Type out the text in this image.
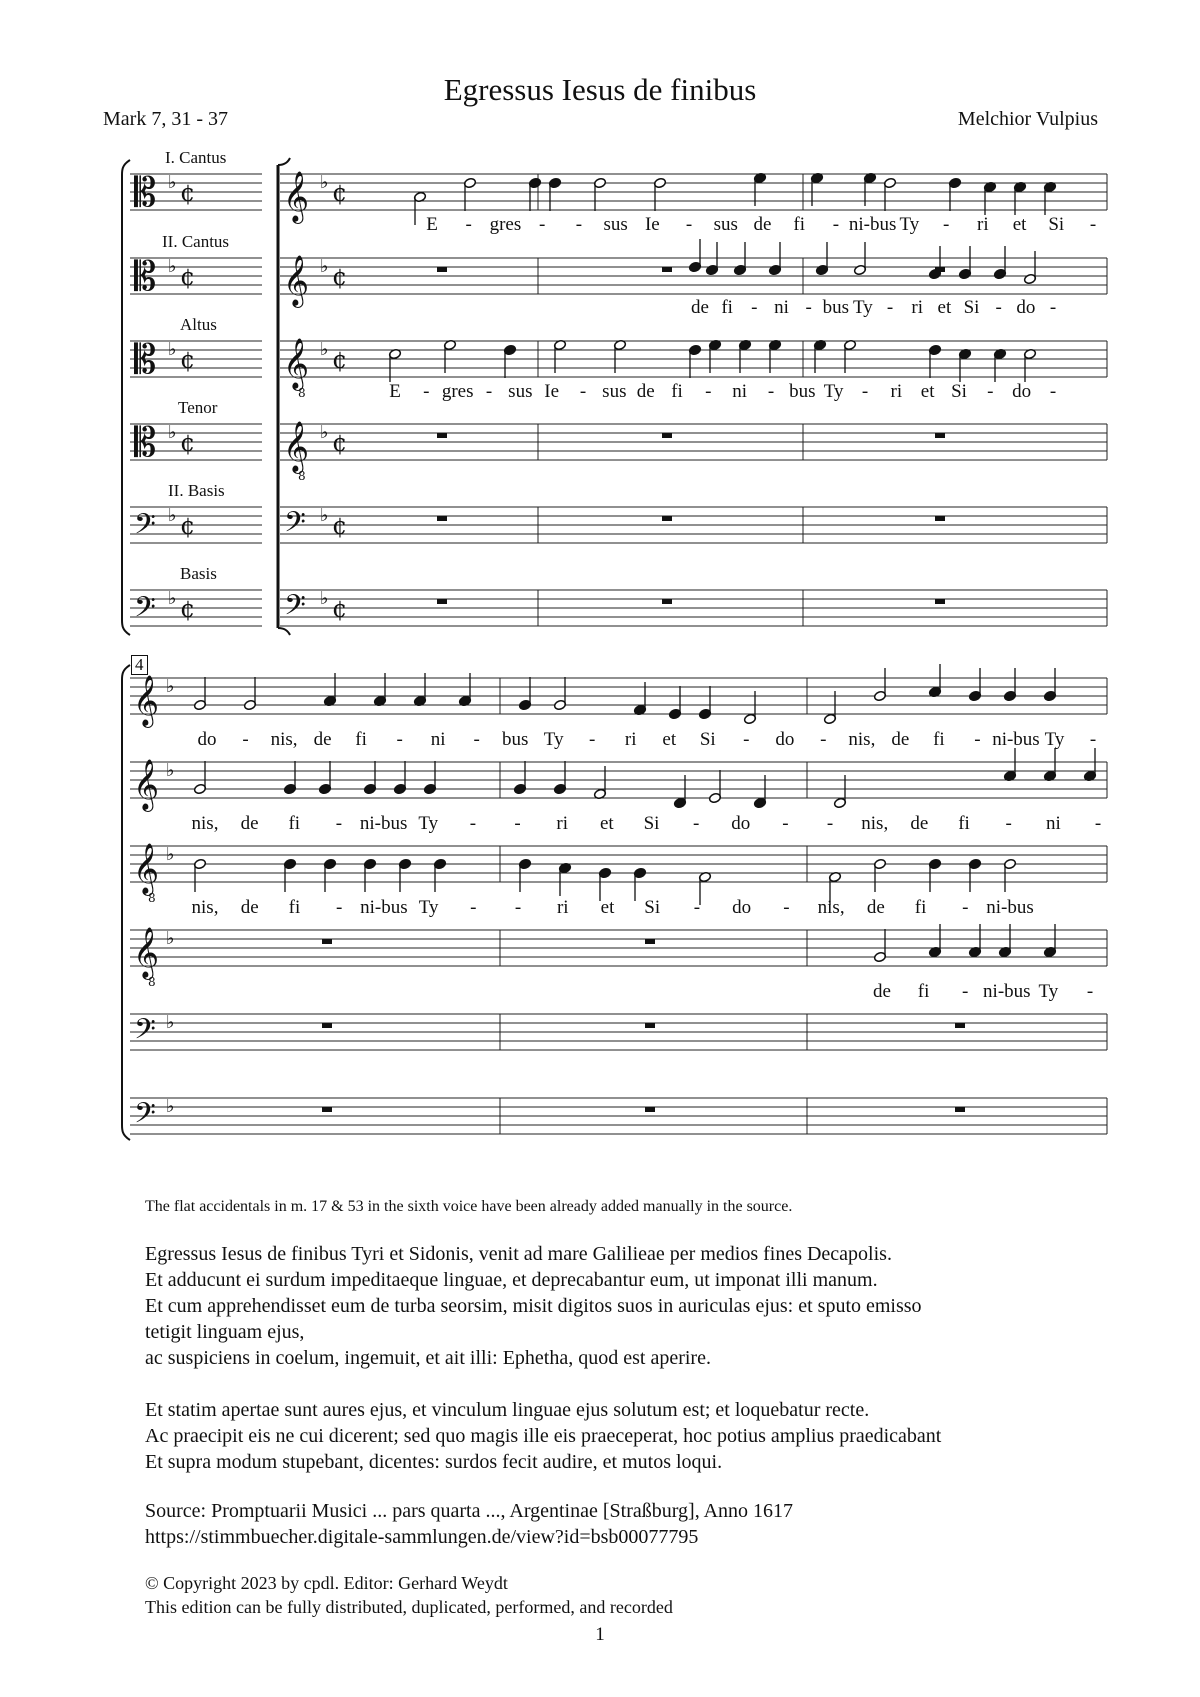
Egressus Iesus de finibus
Mark 7, 31 - 37	Melchior Vulpius
I. Cantus
II. Cantus
Altus
Tenor
II. Basis
Basis
4
𝄡 ♭ ¢ 𝄞 ♭ ¢
𝄡 ♭ ¢ 𝄞 ♭ ¢
𝄡 ♭ ¢ 𝄞
8
♭ ¢
𝄡 ♭ ¢ 𝄞
8
♭ ¢
𝄢 ♭ ¢	𝄢 ♭ ¢
𝄢 ♭ ¢	𝄢 ♭ ¢
𝄞 ♭
𝄞 ♭
𝄞
8
♭
𝄞
8
♭
𝄢 ♭
𝄢 ♭
E - gres - - sus Ie - sus de fi - ni-bus Ty - ri et Si -
de fi - ni - bus Ty - ri et Si - do -
E - gres - sus Ie - sus de fi - ni - bus Ty - ri et Si - do -
do - nis, de fi - ni - bus Ty - ri et Si - do - nis, de fi - ni-bus Ty -
nis, de fi - ni-bus Ty - - ri et Si - do - - nis, de fi - ni -
nis, de fi - ni-bus Ty - - ri et Si - do - nis, de fi - ni-bus
de fi - ni-bus Ty -
The flat accidentals in m. 17 & 53 in the sixth voice have been already added manually in the source.
Egressus Iesus de finibus Tyri et Sidonis, venit ad mare Galilieae per medios fines Decapolis.
Et adducunt ei surdum impeditaeque linguae, et deprecabantur eum, ut imponat illi manum.
Et cum apprehendisset eum de turba seorsim, misit digitos suos in auriculas ejus: et sputo emisso
tetigit linguam ejus,
ac suspiciens in coelum, ingemuit, et ait illi: Ephetha, quod est aperire.
Et statim apertae sunt aures ejus, et vinculum linguae ejus solutum est; et loquebatur recte.
Ac praecipit eis ne cui dicerent; sed quo magis ille eis praeceperat, hoc potius amplius praedicabant
Et supra modum stupebant, dicentes: surdos fecit audire, et mutos loqui.
Source: Promptuarii Musici ... pars quarta ..., Argentinae [Straßburg], Anno 1617
https://stimmbuecher.digitale-sammlungen.de/view?id=bsb00077795
© Copyright 2023 by cpdl. Editor: Gerhard Weydt
This edition can be fully distributed, duplicated, performed, and recorded
1
